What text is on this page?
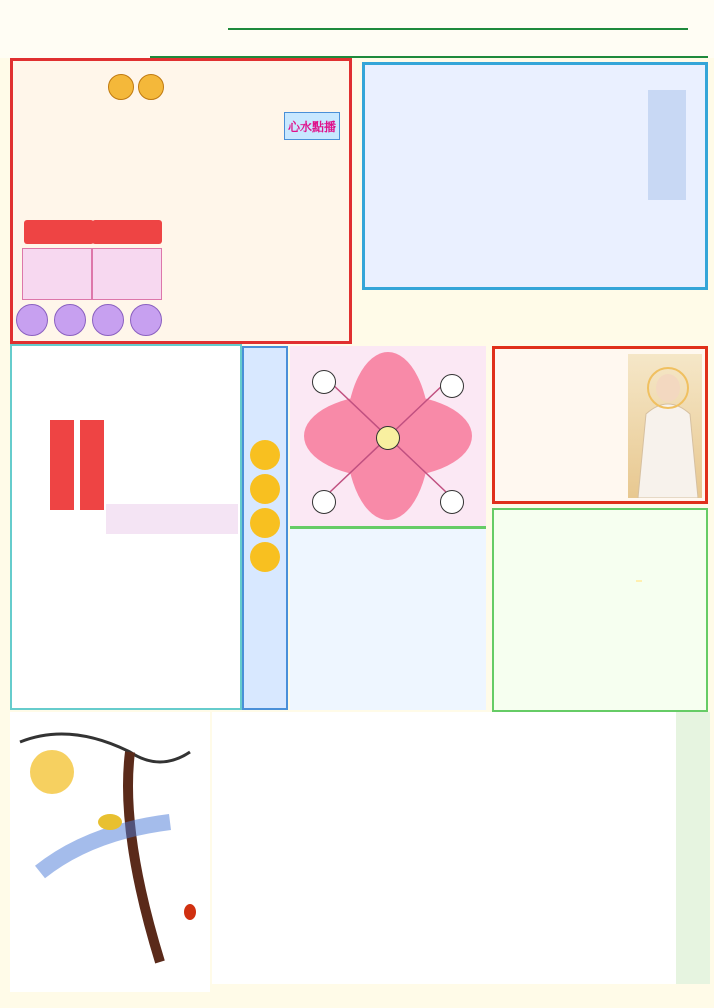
心水點播
